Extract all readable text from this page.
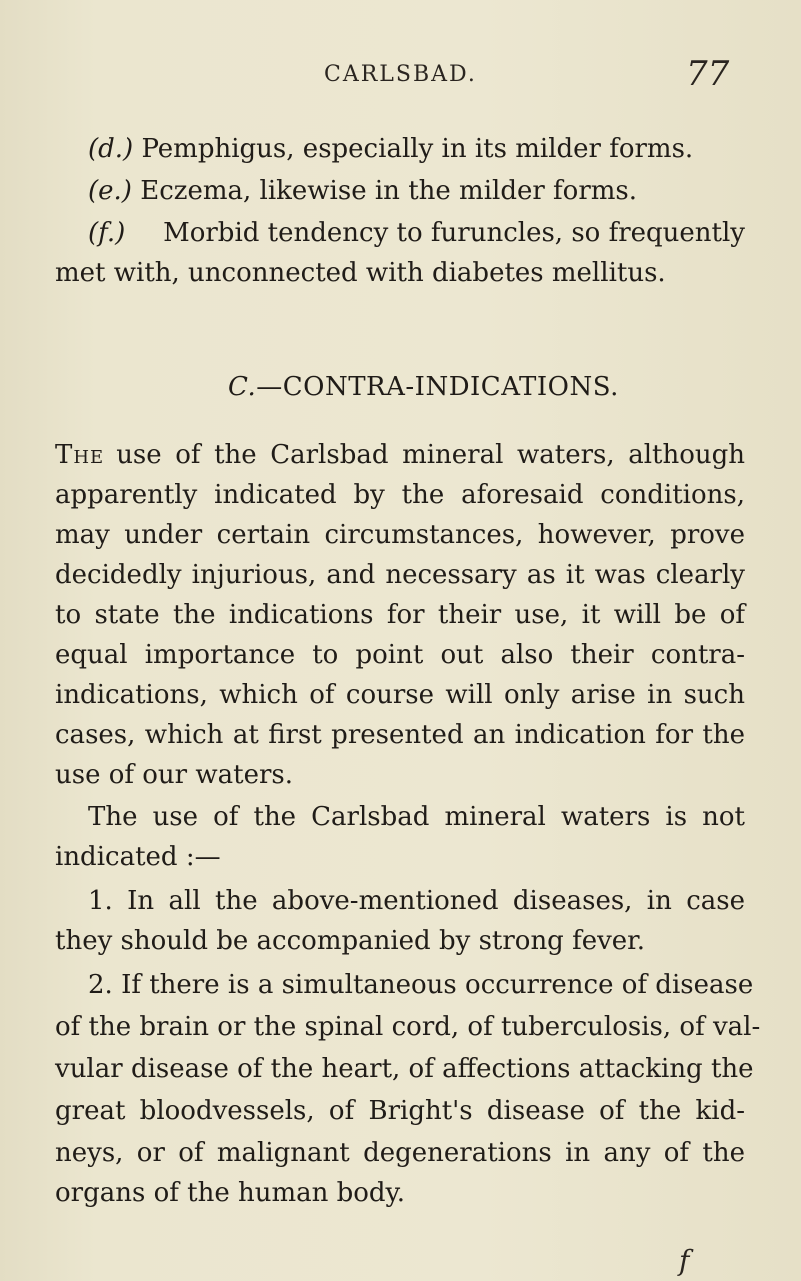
CARLSBAD.	77
(d.) Pemphigus, especially in its milder forms.
(e.) Eczema, likewise in the milder forms.
(f.) Morbid tendency to furuncles, so frequently
met with, unconnected with diabetes mellitus.
C.—CONTRA-INDICATIONS.
The use of the Carlsbad mineral waters, although
apparently indicated by the aforesaid conditions,
may under certain circumstances, however, prove
decidedly injurious, and necessary as it was clearly
to state the indications for their use, it will be of
equal importance to point out also their contra-
indications, which of course will only arise in such
cases, which at first presented an indication for the
use of our waters.
The use of the Carlsbad mineral waters is not
indicated :—
1. In all the above-mentioned diseases, in case
they should be accompanied by strong fever.
2. If there is a simultaneous occurrence of disease
of the brain or the spinal cord, of tuberculosis, of val-
vular disease of the heart, of affections attacking the
great bloodvessels, of Bright's disease of the kid-
neys, or of malignant degenerations in any of the
organs of the human body.
f
